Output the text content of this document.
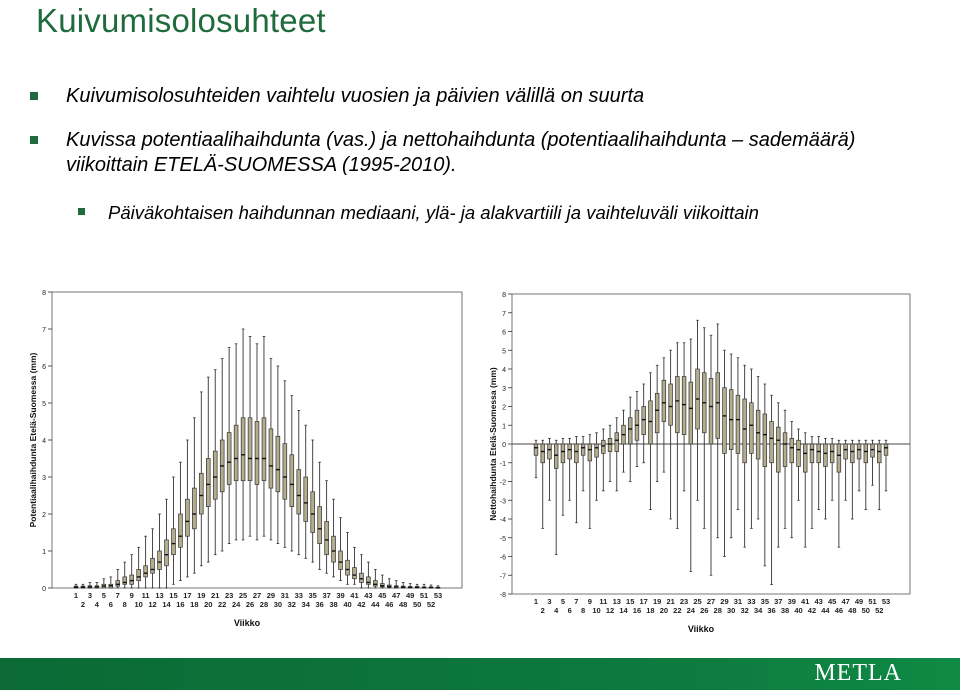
Kuivumisolosuhteet
Kuivumisolosuhteiden vaihtelu vuosien ja päivien välillä on suurta
Kuvissa potentiaalihaihdunta (vas.) ja nettohaihdunta (potentiaalihaihdunta – sademäärä) viikoittain ETELÄ-SUOMESSA (1995-2010).
Päiväkohtaisen haihdunnan mediaani, ylä- ja alakvartiili ja vaihteluväli viikoittain
0
1
2
3
4
5
6
7
8
1 3 5 7 9 11 13 15 17 19 21 23 25 27 29 31 33 35 37 39 41 43 45 47 49 51 53
2 4 6 8 10 12 14 16 18 20 22 24 26 28 30 32 34 36 38 40 42 44 46 48 50 52
Viikko
Potentiaalihaihdunta Etelä-Suomessa (mm)
-8
-7
-6
-5
-4
-3
-2
-1
0
1
2
3
4
5
6
7
8
1 3 5 7 9 11 13 15 17 19 21 23 25 27 29 31 33 35 37 39 41 43 45 47 49 51 53
2 4 6 8 10 12 14 16 18 20 22 24 26 28 30 32 34 36 38 40 42 44 46 48 50 52
Viikko
Nettohaihdunta Etelä-Suomessa (mm)
METLA
